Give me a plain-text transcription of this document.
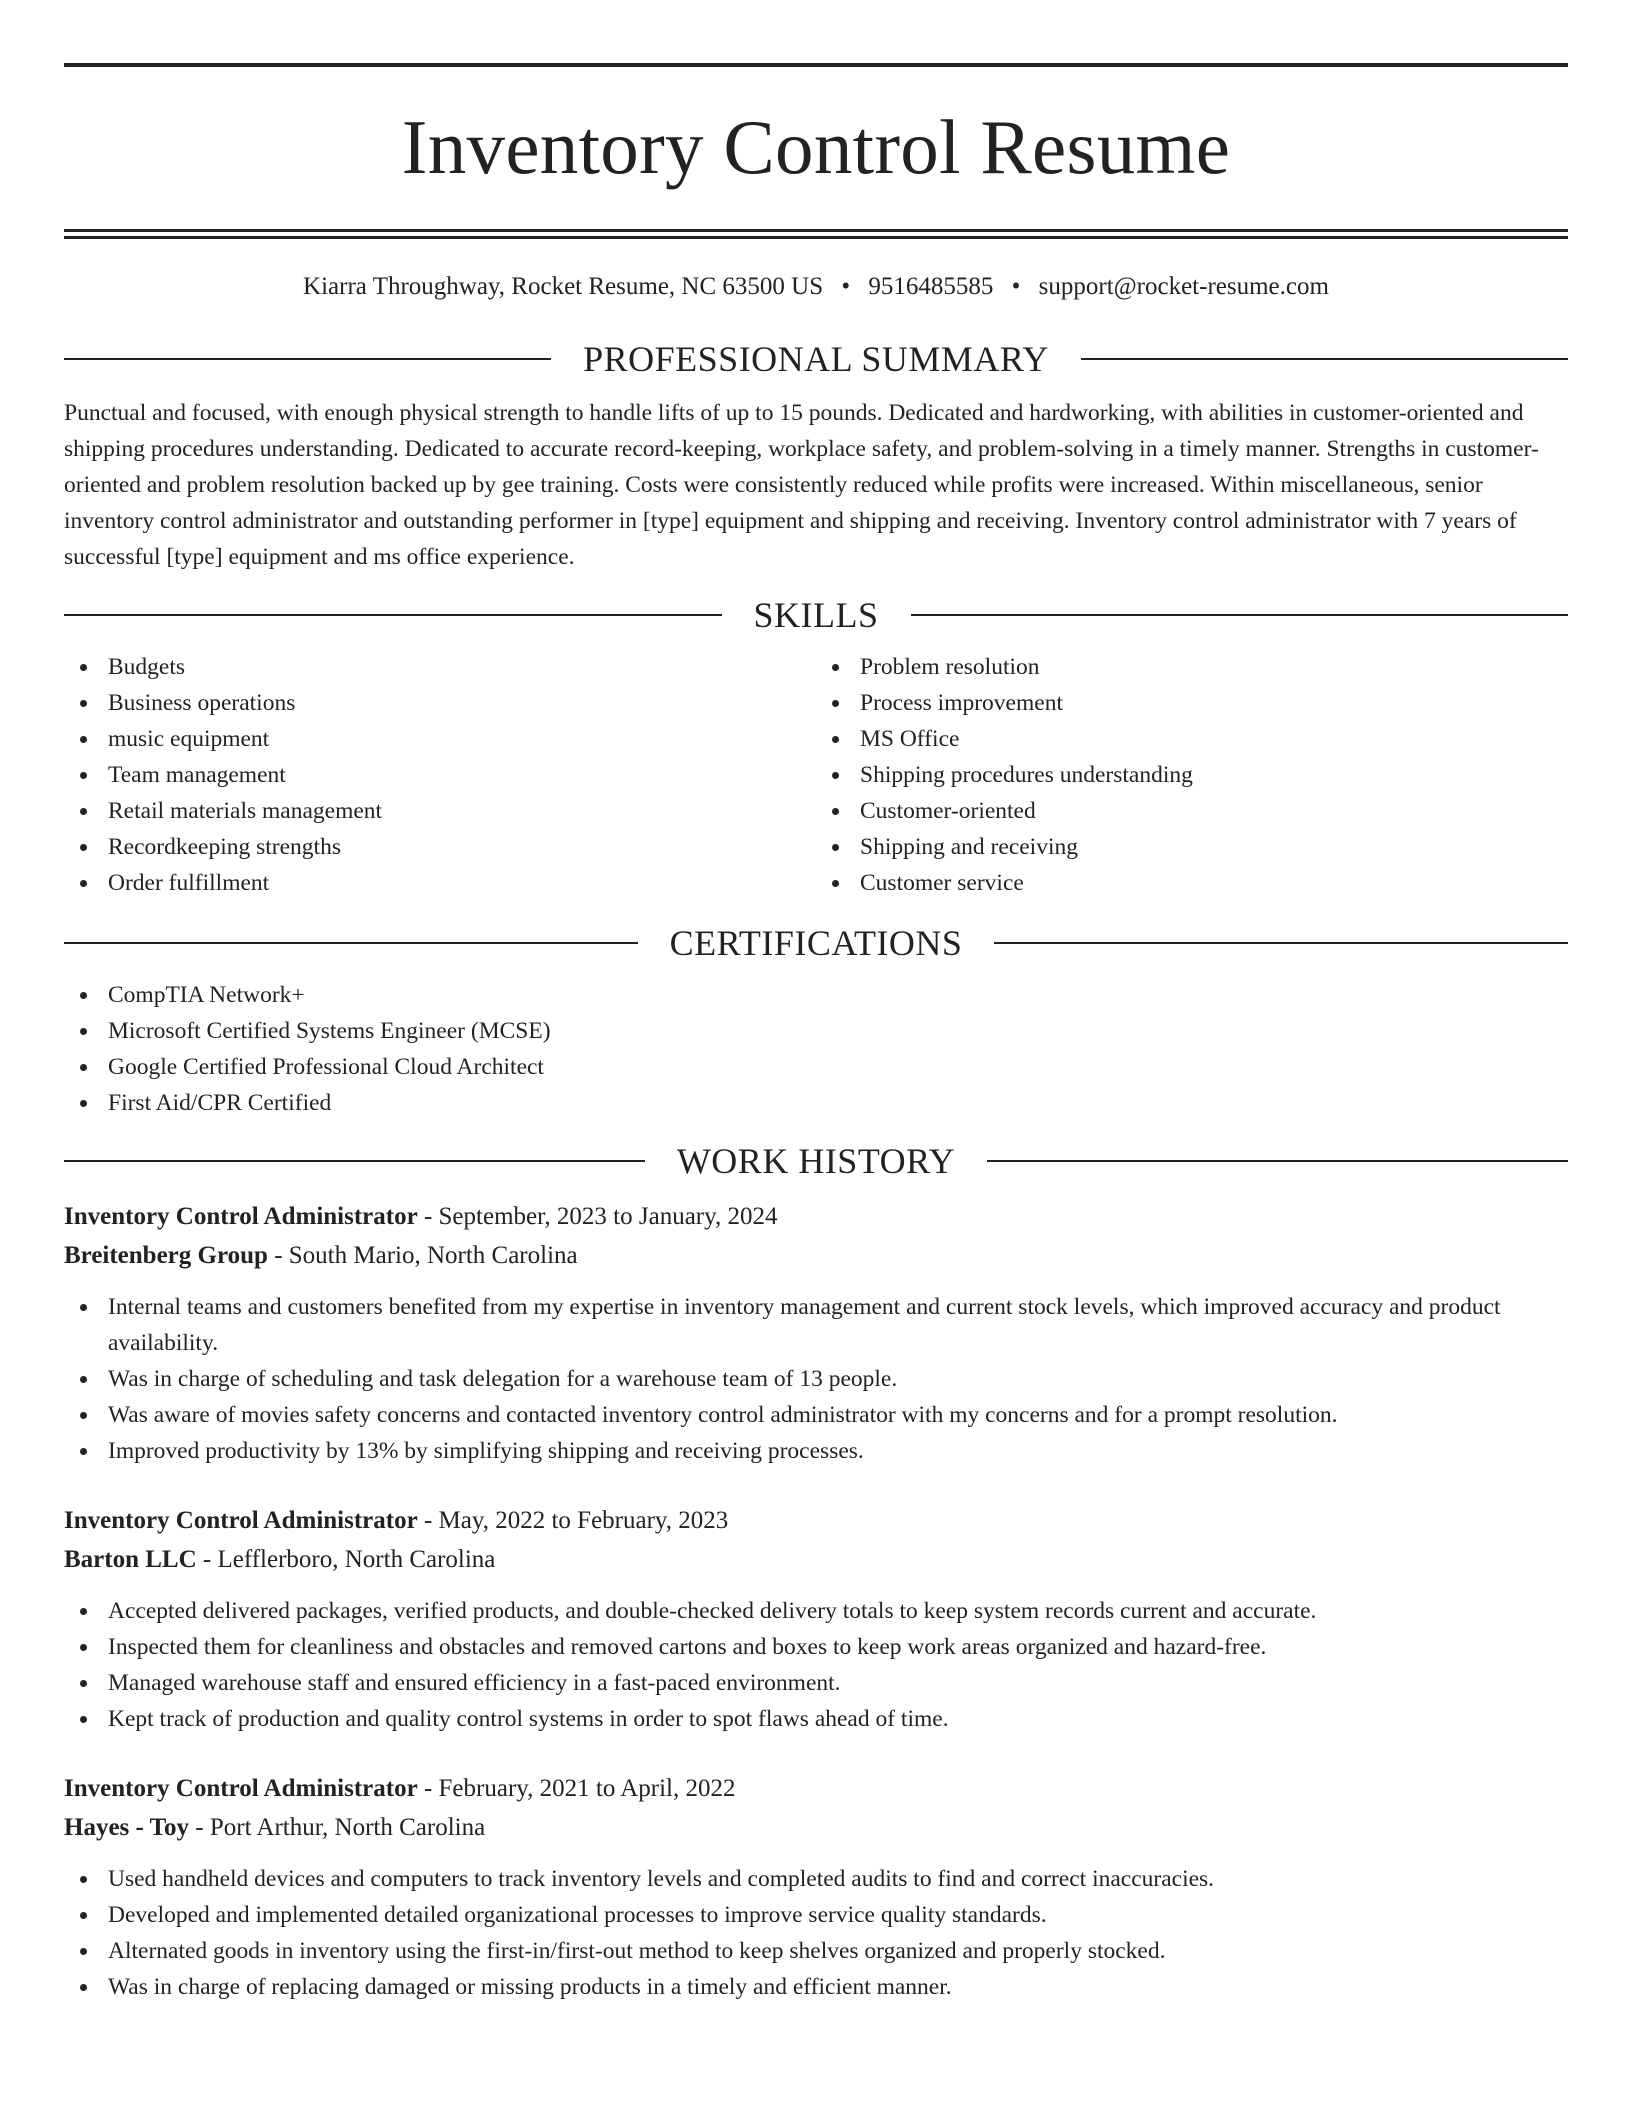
Inventory Control Resume
Kiarra Throughway, Rocket Resume, NC 63500 US • 9516485585 • support@rocket-resume.com
PROFESSIONAL SUMMARY

Punctual and focused, with enough physical strength to handle lifts of up to 15 pounds. Dedicated and hardworking, with abilities in customer-oriented and shipping procedures understanding. Dedicated to accurate record-keeping, workplace safety, and problem-solving in a timely manner. Strengths in customer-oriented and problem resolution backed up by gee training. Costs were consistently reduced while profits were increased. Within miscellaneous, senior inventory control administrator and outstanding performer in [type] equipment and shipping and receiving. Inventory control administrator with 7 years of successful [type] equipment and ms office experience.

SKILLS
Budgets
Business operations
music equipment
Team management
Retail materials management
Recordkeeping strengths
Order fulfillment
Problem resolution
Process improvement
MS Office
Shipping procedures understanding
Customer-oriented
Shipping and receiving
Customer service
CERTIFICATIONS
CompTIA Network+
Microsoft Certified Systems Engineer (MCSE)
Google Certified Professional Cloud Architect
First Aid/CPR Certified
WORK HISTORY
Inventory Control Administrator - September, 2023 to January, 2024
Breitenberg Group - South Mario, North Carolina
Internal teams and customers benefited from my expertise in inventory management and current stock levels, which improved accuracy and product availability.
Was in charge of scheduling and task delegation for a warehouse team of 13 people.
Was aware of movies safety concerns and contacted inventory control administrator with my concerns and for a prompt resolution.
Improved productivity by 13% by simplifying shipping and receiving processes.
Inventory Control Administrator - May, 2022 to February, 2023
Barton LLC - Lefflerboro, North Carolina
Accepted delivered packages, verified products, and double-checked delivery totals to keep system records current and accurate.
Inspected them for cleanliness and obstacles and removed cartons and boxes to keep work areas organized and hazard-free.
Managed warehouse staff and ensured efficiency in a fast-paced environment.
Kept track of production and quality control systems in order to spot flaws ahead of time.
Inventory Control Administrator - February, 2021 to April, 2022
Hayes - Toy - Port Arthur, North Carolina
Used handheld devices and computers to track inventory levels and completed audits to find and correct inaccuracies.
Developed and implemented detailed organizational processes to improve service quality standards.
Alternated goods in inventory using the first-in/first-out method to keep shelves organized and properly stocked.
Was in charge of replacing damaged or missing products in a timely and efficient manner.
